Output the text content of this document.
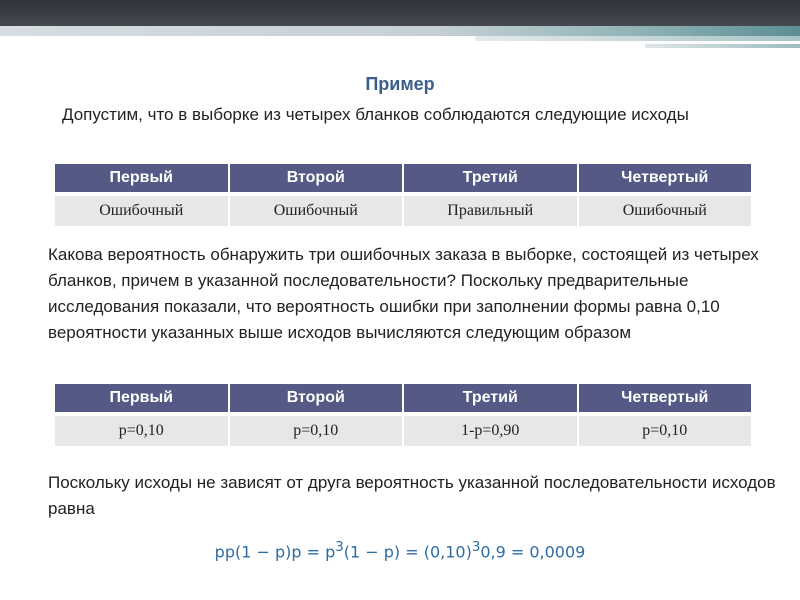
Пример

Допустим, что в выборке из четырех бланков соблюдаются следующие исходы

Первый	Второй	Третий	Четвертый
Ошибочный	Ошибочный	Правильный	Ошибочный

Какова вероятность обнаружить три ошибочных заказа в выборке, состоящей из четырех бланков, причем в указанной последовательности? Поскольку предварительные исследования показали, что вероятность ошибки при заполнении формы равна 0,10 вероятности указанных выше исходов вычисляются следующим образом

Первый	Второй	Третий	Четвертый
p=0,10	p=0,10	1-p=0,90	p=0,10

Поскольку исходы не зависят от друга вероятность указанной последовательности исходов равна

$pp(1 - p)p = p^3(1 - p) = (0,10)^30,9 = 0,0009$
